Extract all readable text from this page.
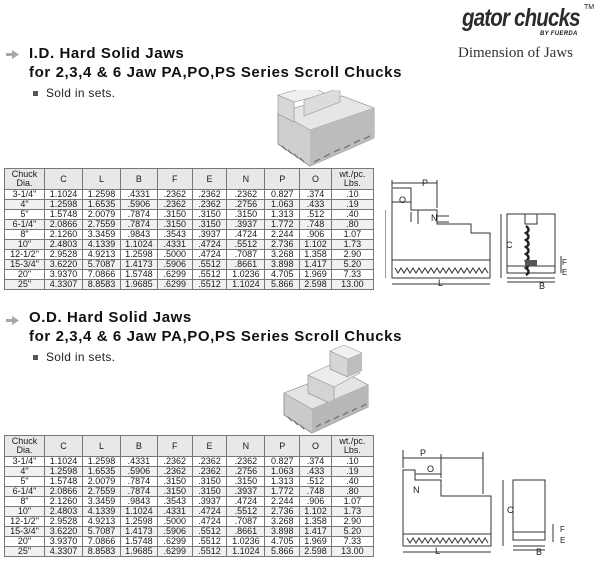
gator chucks TM
BY FUERDA
Dimension of Jaws
I.D. Hard Solid Jaws
for 2,3,4 & 6 Jaw PA,PO,PS Series Scroll Chucks
Sold in sets.
Chuck Dia.	C	L	B	F	E	N	P	O	wt./pc. Lbs.
3-1/4"	1.1024	1.2598	.4331	.2362	.2362	.2362	0.827	.374	.10
4"	1.2598	1.6535	.5906	.2362	.2362	.2756	1.063	.433	.19
5"	1.5748	2.0079	.7874	.3150	.3150	.3150	1.313	.512	.40
6-1/4"	2.0866	2.7559	.7874	.3150	.3150	.3937	1.772	.748	.80
8"	2.1260	3.3459	.9843	.3543	.3937	.4724	2.244	.906	1.07
10"	2.4803	4.1339	1.1024	.4331	.4724	.5512	2.736	1.102	1.73
12-1/2"	2.9528	4.9213	1.2598	.5000	.4724	.7087	3.268	1.358	2.90
15-3/4"	3.6220	5.7087	1.4173	.5906	.5512	.8661	3.898	1.417	5.20
20"	3.9370	7.0866	1.5748	.6299	.5512	1.0236	4.705	1.969	7.33
25"	4.3307	8.8583	1.9685	.6299	.5512	1.1024	5.866	2.598	13.00
P
O
N
C
L	B
F
E
O.D. Hard Solid Jaws
for 2,3,4 & 6 Jaw PA,PO,PS Series Scroll Chucks
Sold in sets.
Chuck Dia.	C	L	B	F	E	N	P	O	wt./pc. Lbs.
3-1/4"	1.1024	1.2598	.4331	.2362	.2362	.2362	0.827	.374	.10
4"	1.2598	1.6535	.5906	.2362	.2362	.2756	1.063	.433	.19
5"	1.5748	2.0079	.7874	.3150	.3150	.3150	1.313	.512	.40
6-1/4"	2.0866	2.7559	.7874	.3150	.3150	.3937	1.772	.748	.80
8"	2.1260	3.3459	.9843	.3543	.3937	.4724	2.244	.906	1.07
10"	2.4803	4.1339	1.1024	.4331	.4724	.5512	2.736	1.102	1.73
12-1/2"	2.9528	4.9213	1.2598	.5000	.4724	.7087	3.268	1.358	2.90
15-3/4"	3.6220	5.7087	1.4173	.5906	.5512	.8661	3.898	1.417	5.20
20"	3.9370	7.0866	1.5748	.6299	.5512	1.0236	4.705	1.969	7.33
25"	4.3307	8.8583	1.9685	.6299	.5512	1.1024	5.866	2.598	13.00
P
O
N
C
L	B
F
E
